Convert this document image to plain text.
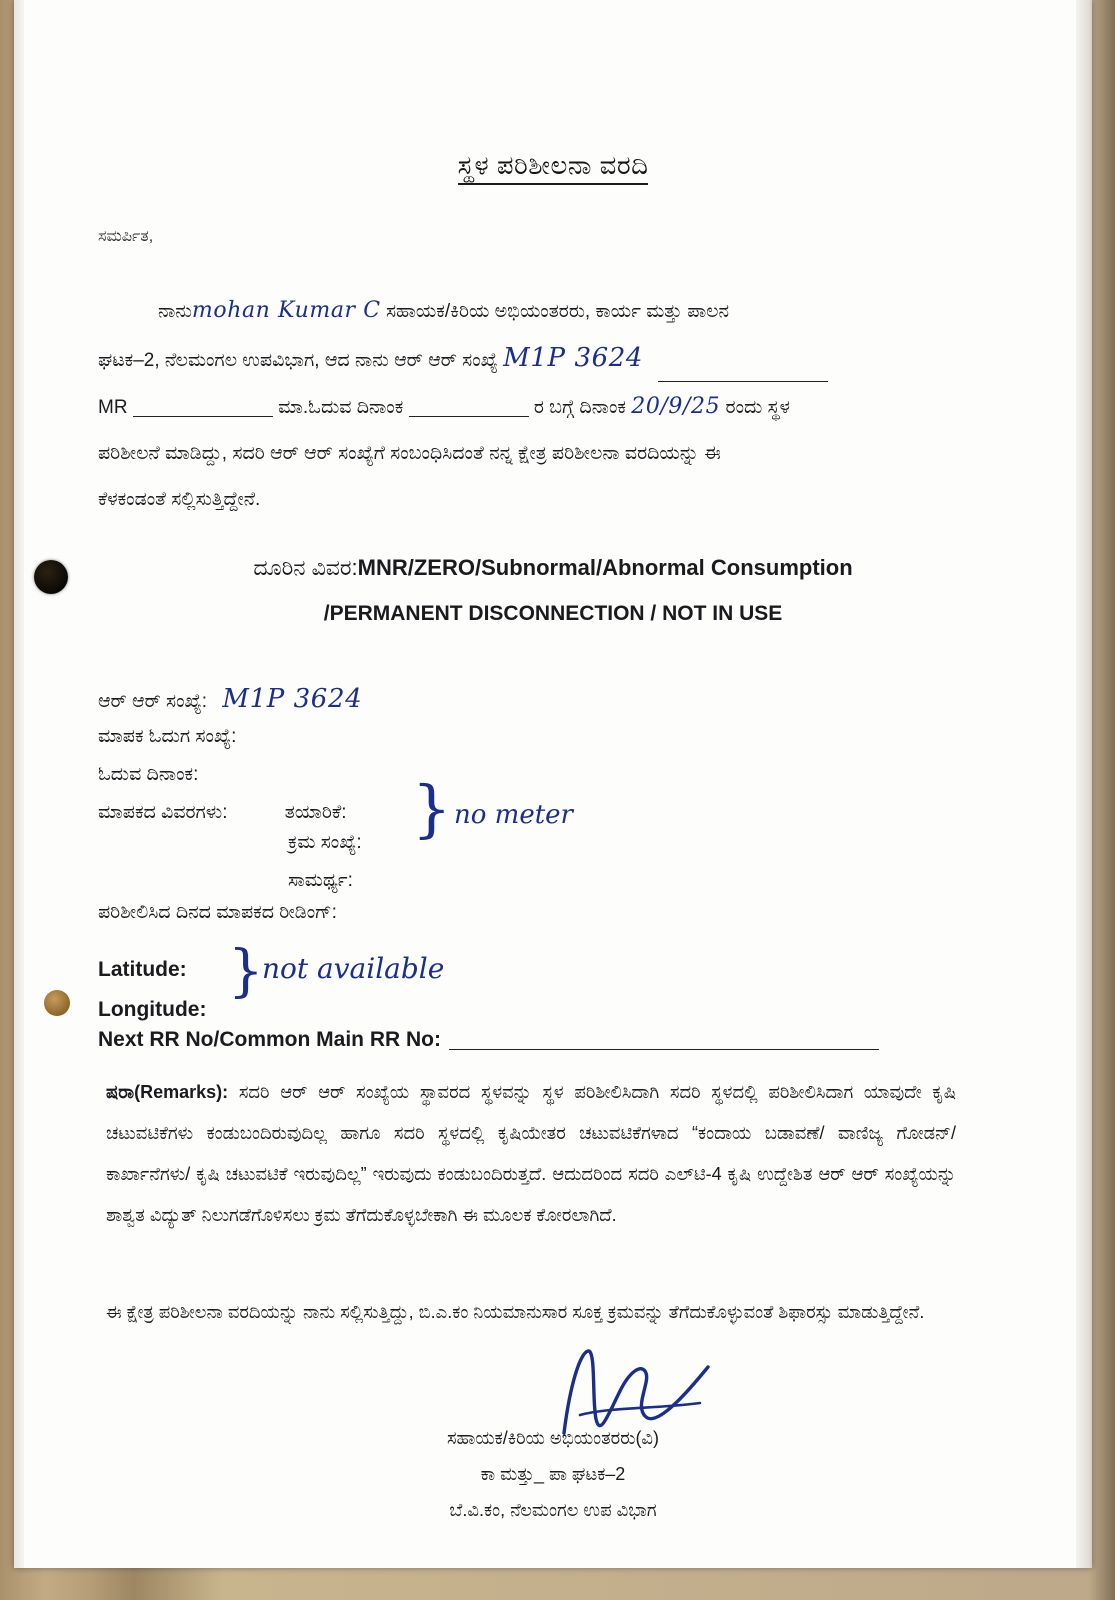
ಸ್ಥಳ ಪರಿಶೀಲನಾ ವರದಿ
ಸಮರ್ಪಿತ,
ನಾನುmohan Kumar C ಸಹಾಯಕ/ಕಿರಿಯ ಅಭಿಯಂತರರು, ಕಾರ್ಯ ಮತ್ತು ಪಾಲನ
ಘಟಕ–2, ನೆಲಮಂಗಲ ಉಪವಿಭಾಗ, ಆದ ನಾನು ಆರ್ ಆರ್ ಸಂಖ್ಯೆ M1P 3624
MR	ಮಾ.ಓದುವ ದಿನಾಂಕ	ರ ಬಗ್ಗೆ ದಿನಾಂಕ 20/9/25 ರಂದು ಸ್ಥಳ
ಪರಿಶೀಲನೆ ಮಾಡಿದ್ದು, ಸದರಿ ಆರ್ ಆರ್ ಸಂಖ್ಯೆಗೆ ಸಂಬಂಧಿಸಿದಂತೆ ನನ್ನ ಕ್ಷೇತ್ರ ಪರಿಶೀಲನಾ ವರದಿಯನ್ನು ಈ
ಕೆಳಕಂಡಂತೆ ಸಲ್ಲಿಸುತ್ತಿದ್ದೇನೆ.
ದೂರಿನ ವಿವರ:MNR/ZERO/Subnormal/Abnormal Consumption
/PERMANENT DISCONNECTION / NOT IN USE
ಆರ್ ಆರ್ ಸಂಖ್ಯೆ: M1P 3624
ಮಾಪಕ ಓದುಗ ಸಂಖ್ಯೆ:
ಓದುವ ದಿನಾಂಕ:
ಮಾಪಕದ ವಿವರಗಳು:	ತಯಾರಿಕೆ:
ಕ್ರಮ ಸಂಖ್ಯೆ:
ಸಾಮರ್ಥ್ಯ:
} no meter
ಪರಿಶೀಲಿಸಿದ ದಿನದ ಮಾಪಕದ ರೀಡಿಂಗ್:
Latitude:
Longitude:
}
not available
Next RR No/Common Main RR No:
ಷರಾ(Remarks): ಸದರಿ ಆರ್ ಆರ್ ಸಂಖ್ಯೆಯ ಸ್ಥಾವರದ ಸ್ಥಳವನ್ನು ಸ್ಥಳ ಪರಿಶೀಲಿಸಿದಾಗಿ ಸದರಿ ಸ್ಥಳದಲ್ಲಿ ಪರಿಶೀಲಿಸಿದಾಗ ಯಾವುದೇ ಕೃಷಿ ಚಟುವಟಿಕೆಗಳು ಕಂಡುಬಂದಿರುವುದಿಲ್ಲ ಹಾಗೂ ಸದರಿ ಸ್ಥಳದಲ್ಲಿ ಕೃಷಿಯೇತರ ಚಟುವಟಿಕೆಗಳಾದ “ಕಂದಾಯ ಬಡಾವಣೆ/ ವಾಣಿಜ್ಯ ಗೋಡನ್/ ಕಾರ್ಖಾನೆಗಳು/ ಕೃಷಿ ಚಟುವಟಿಕೆ ಇರುವುದಿಲ್ಲ” ಇರುವುದು ಕಂಡುಬಂದಿರುತ್ತದೆ. ಆದುದರಿಂದ ಸದರಿ ಎಲ್‌ಟಿ-4 ಕೃಷಿ ಉದ್ದೇಶಿತ ಆರ್ ಆರ್ ಸಂಖ್ಯೆಯನ್ನು ಶಾಶ್ವತ ವಿದ್ಯುತ್ ನಿಲುಗಡೆಗೊಳಿಸಲು ಕ್ರಮ ತೆಗೆದುಕೊಳ್ಳಬೇಕಾಗಿ ಈ ಮೂಲಕ ಕೋರಲಾಗಿದೆ.
ಈ ಕ್ಷೇತ್ರ ಪರಿಶೀಲನಾ ವರದಿಯನ್ನು ನಾನು ಸಲ್ಲಿಸುತ್ತಿದ್ದು, ಬಿ.ಎ.ಕಂ ನಿಯಮಾನುಸಾರ ಸೂಕ್ತ ಕ್ರಮವನ್ನು ತೆಗೆದುಕೊಳ್ಳುವಂತೆ ಶಿಫಾರಸ್ಸು ಮಾಡುತ್ತಿದ್ದೇನೆ.
ಸಹಾಯಕ/ಕಿರಿಯ ಅಭಿಯಂತರರು(ವಿ)
ಕಾ ಮತ್ತು_ ಪಾ ಘಟಕ–2
ಬೆ.ವಿ.ಕಂ, ನೆಲಮಂಗಲ ಉಪ ವಿಭಾಗ
